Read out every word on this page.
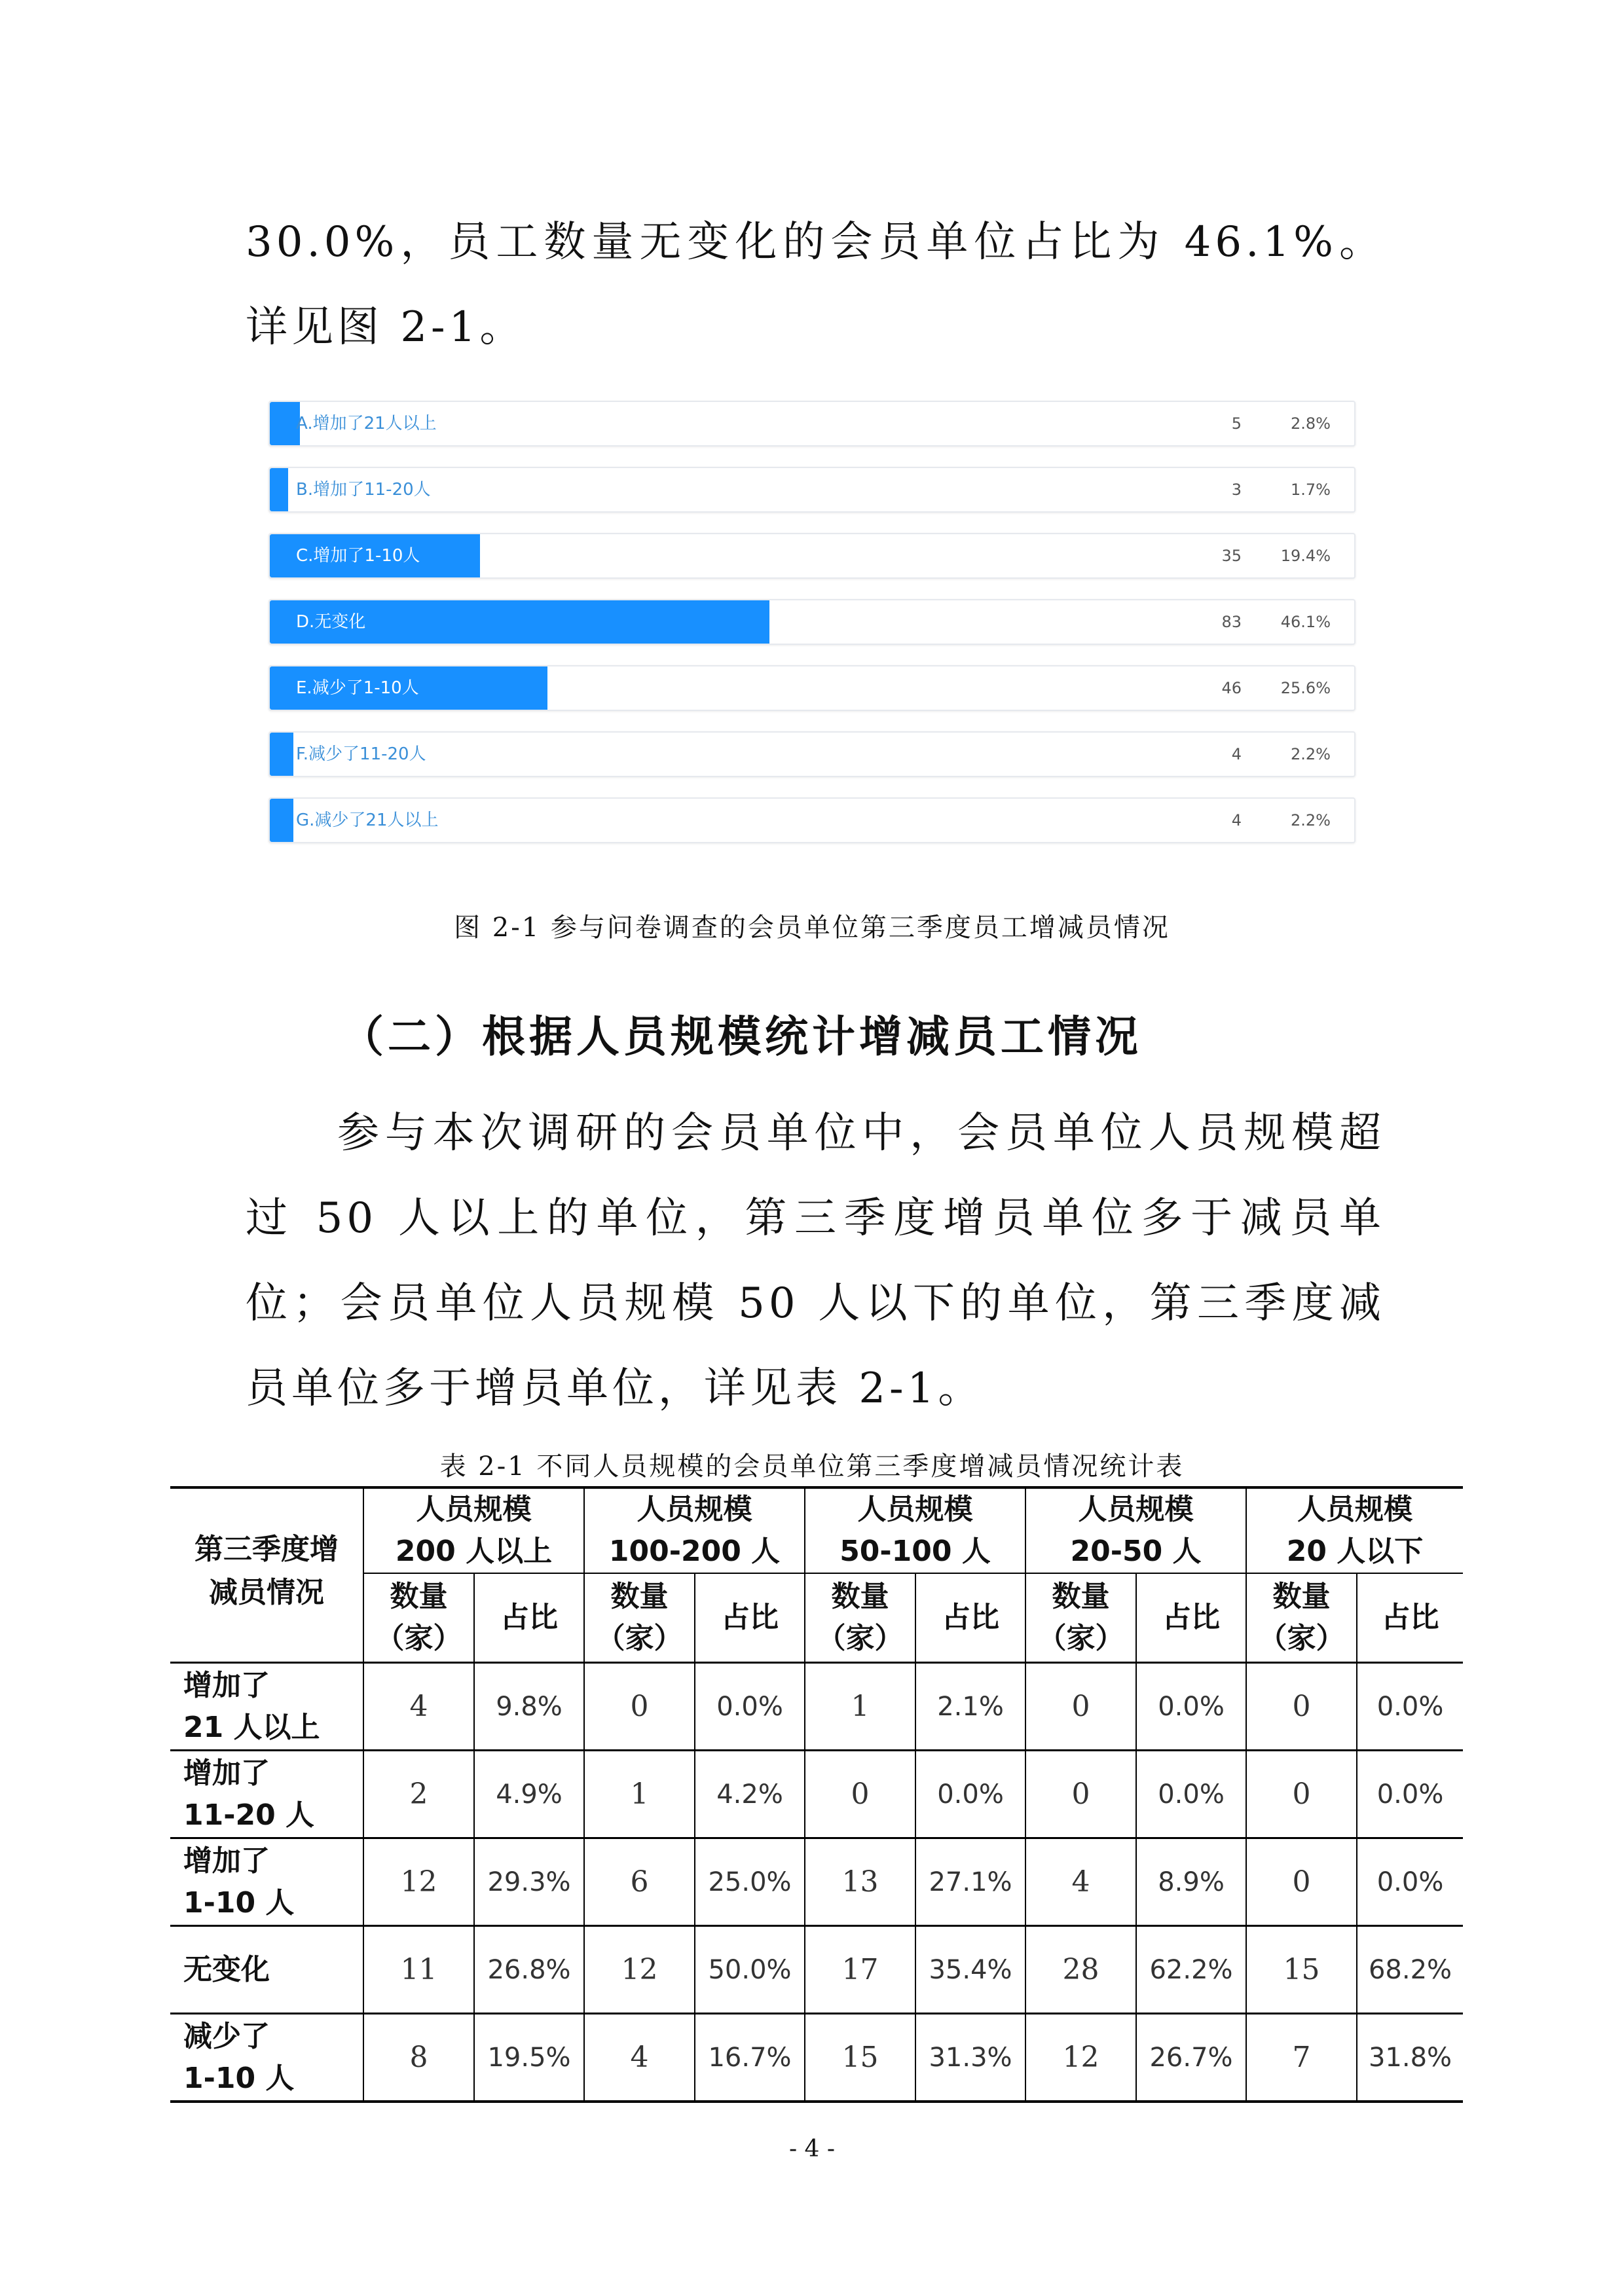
30.0%，员工数量无变化的会员单位占比为 46.1%。详见图 2-1。

A.增加了21人以上	5	2.8%
B.增加了11-20人	3	1.7%
C.增加了1-10人	35 19.4%
D.无变化	83 46.1%
E.减少了1-10人	46 25.6%
F.减少了11-20人	4	2.2%
G.减少了21人以上	4	2.2%
图 2-1 参与问卷调查的会员单位第三季度员工增减员情况
（二）根据人员规模统计增减员工情况

参与本次调研的会员单位中，会员单位人员规模超过 50 人以上的单位，第三季度增员单位多于减员单位；会员单位人员规模 50 人以下的单位，第三季度减员单位多于增员单位，详见表 2-1。

表 2-1 不同人员规模的会员单位第三季度增减员情况统计表
第三季度增
减员情况	人员规模
200 人以上		人员规模
100-200 人		人员规模
50-100 人		人员规模
20-50 人		人员规模
20 人以下	

	数量
（家）	占比	数量
（家）	占比	数量
（家）	占比	数量
（家）	占比	数量
（家）	占比

增加了
21 人以上	4	9.8%	0	0.0%	1	2.1%	0	0.0%	0	0.0%

增加了
11-20 人	2	4.9%	1	4.2%	0	0.0%	0	0.0%	0	0.0%

增加了
1-10 人	12	29.3%	6	25.0%	13	27.1%	4	8.9%	0	0.0%

无变化	11	26.8%	12	50.0%	17	35.4%	28	62.2%	15	68.2%

减少了
1-10 人	8	19.5%	4	16.7%	15	31.3%	12	26.7%	7	31.8%
- 4 -
